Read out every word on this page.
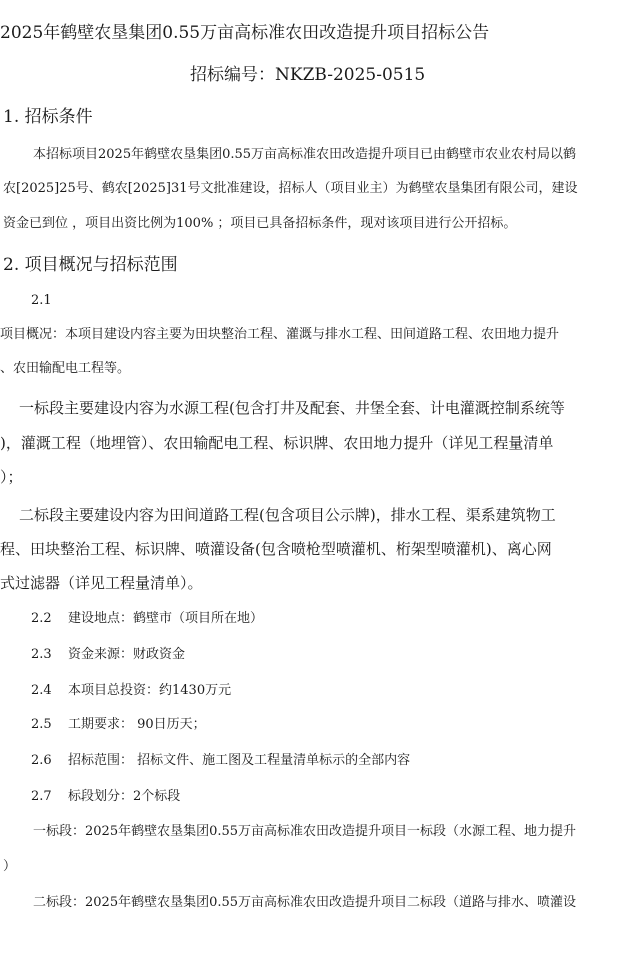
2025年鹤壁农垦集团0.55万亩高标准农田改造提升项目招标公告
招标编号：NKZB-2025-0515
1. 招标条件
本招标项目2025年鹤壁农垦集团0.55万亩高标准农田改造提升项目已由鹤壁市农业农村局以鹤
农[2025]25号、鹤农[2025]31号文批准建设，招标人（项目业主）为鹤壁农垦集团有限公司，建设
资金已到位 ，项目出资比例为100% ；项目已具备招标条件，现对该项目进行公开招标。
2. 项目概况与招标范围
2.1
项目概况：本项目建设内容主要为田块整治工程、灌溉与排水工程、田间道路工程、农田地力提升
、农田输配电工程等。
一标段主要建设内容为水源工程(包含打井及配套、井堡全套、计电灌溉控制系统等
)，灌溉工程（地埋管）、农田输配电工程、标识牌、农田地力提升（详见工程量清单
）；
二标段主要建设内容为田间道路工程(包含项目公示牌)，排水工程、渠系建筑物工
程、田块整治工程、标识牌、喷灌设备(包含喷枪型喷灌机、桁架型喷灌机)、离心网
式过滤器（详见工程量清单）。
2.2 建设地点：鹤壁市（项目所在地）
2.3 资金来源：财政资金
2.4 本项目总投资：约1430万元
2.5 工期要求： 90日历天；
2.6 招标范围： 招标文件、施工图及工程量清单标示的全部内容
2.7 标段划分：2个标段
一标段：2025年鹤壁农垦集团0.55万亩高标准农田改造提升项目一标段（水源工程、地力提升
）
二标段：2025年鹤壁农垦集团0.55万亩高标准农田改造提升项目二标段（道路与排水、喷灌设
